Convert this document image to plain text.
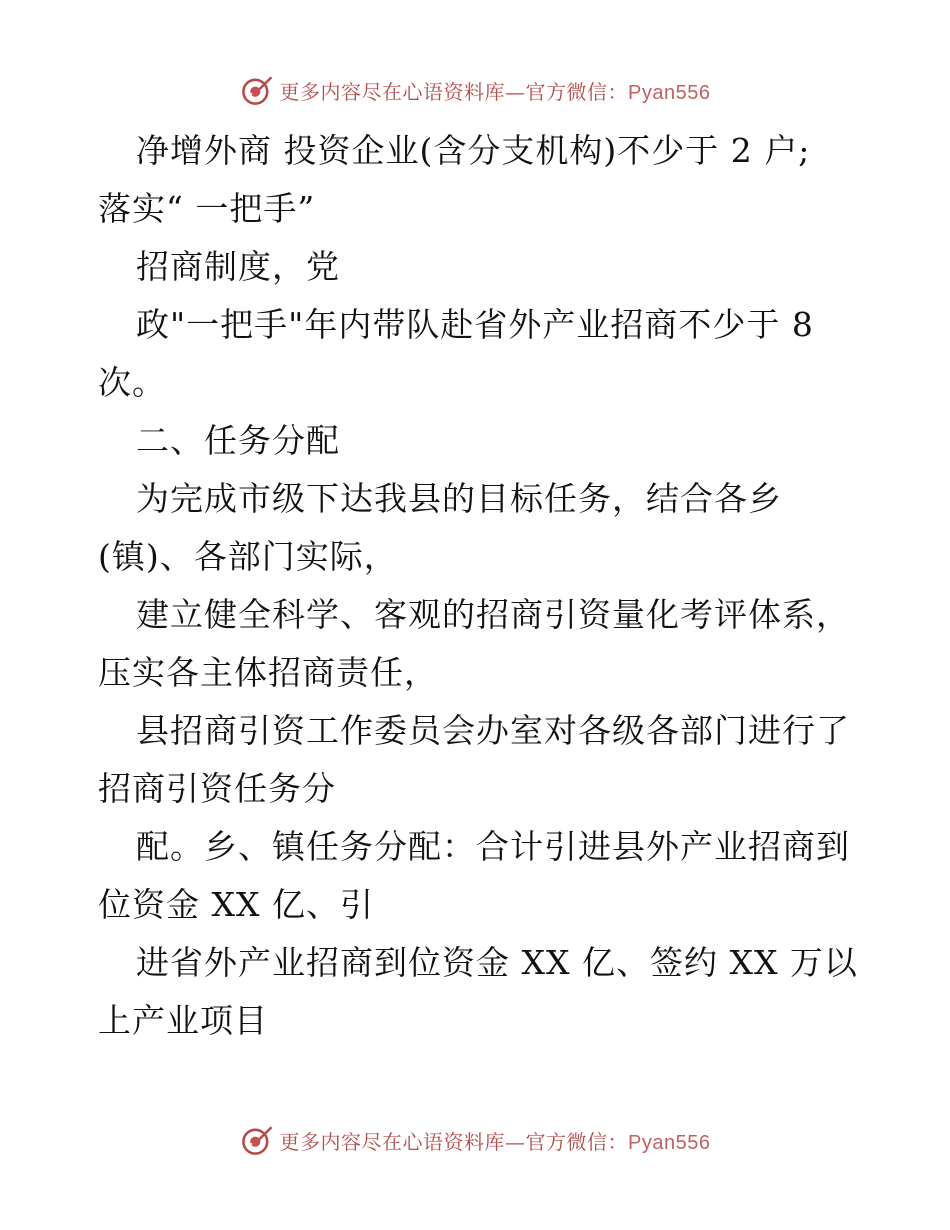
更多内容尽在心语资料库—官方微信：Pyan556
净增外商 投资企业(含分支机构)不少于 2 户;
落实“ 一把手”
招商制度，党
政"一把手"年内带队赴省外产业招商不少于 8
次。
二、任务分配
为完成市级下达我县的目标任务，结合各乡
(镇)、各部门实际，
建立健全科学、客观的招商引资量化考评体系，
压实各主体招商责任，
县招商引资工作委员会办室对各级各部门进行了
招商引资任务分
配。乡、镇任务分配：合计引进县外产业招商到
位资金 XX 亿、引
进省外产业招商到位资金 XX 亿、签约 XX 万以
上产业项目
更多内容尽在心语资料库—官方微信：Pyan556
